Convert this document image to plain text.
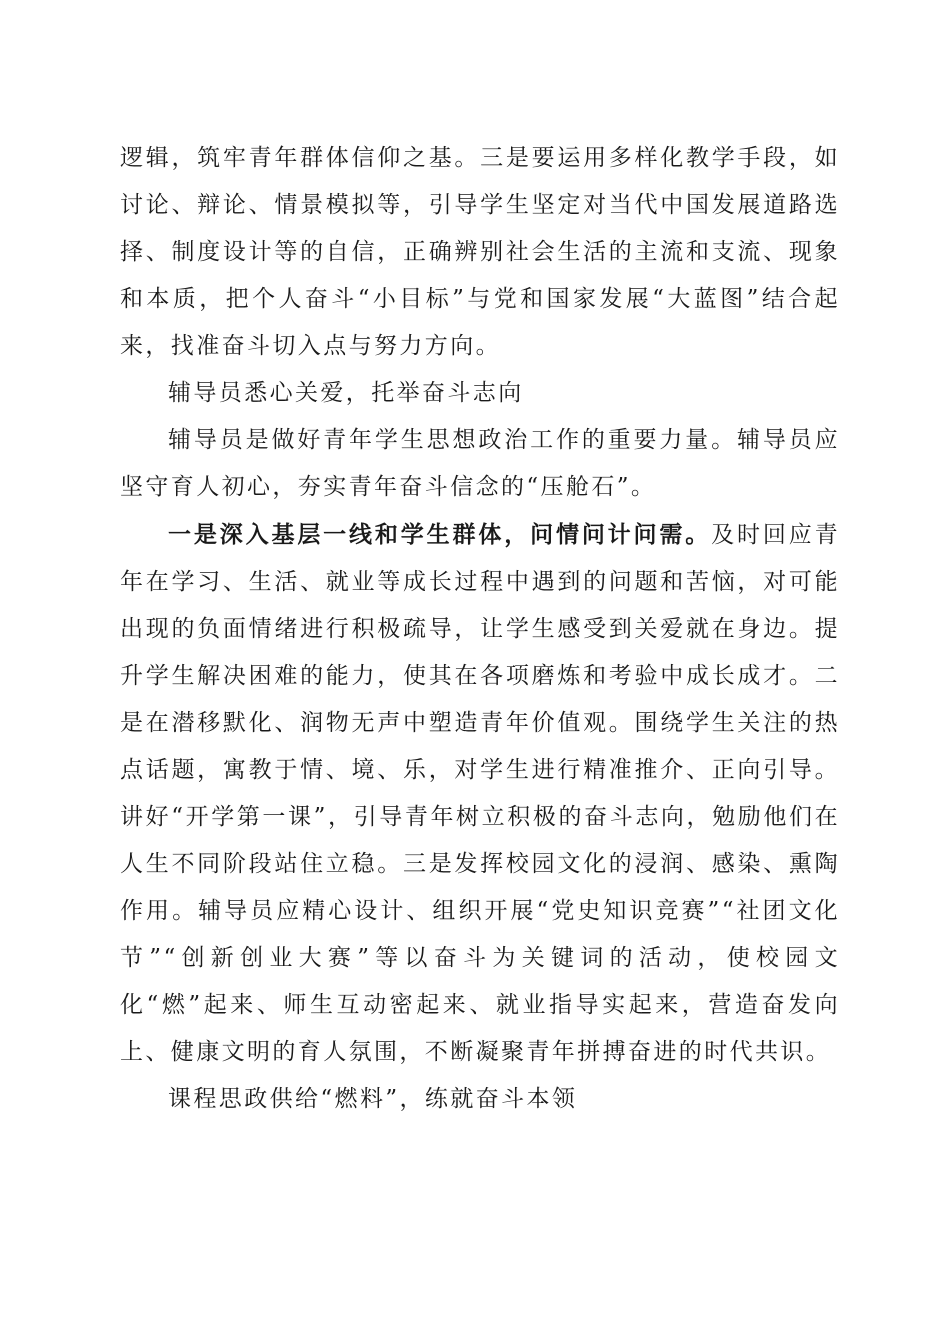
逻辑，筑牢青年群体信仰之基。三是要运用多样化教学手段，如讨论、辩论、情景模拟等，引导学生坚定对当代中国发展道路选择、制度设计等的自信，正确辨别社会生活的主流和支流、现象和本质，把个人奋斗“小目标”与党和国家发展“大蓝图”结合起来，找准奋斗切入点与努力方向。

辅导员悉心关爱，托举奋斗志向

辅导员是做好青年学生思想政治工作的重要力量。辅导员应坚守育人初心，夯实青年奋斗信念的“压舱石”。

一是深入基层一线和学生群体，问情问计问需。及时回应青年在学习、生活、就业等成长过程中遇到的问题和苦恼，对可能出现的负面情绪进行积极疏导，让学生感受到关爱就在身边。提升学生解决困难的能力，使其在各项磨炼和考验中成长成才。二是在潜移默化、润物无声中塑造青年价值观。围绕学生关注的热点话题，寓教于情、境、乐，对学生进行精准推介、正向引导。讲好“开学第一课”，引导青年树立积极的奋斗志向，勉励他们在人生不同阶段站住立稳。三是发挥校园文化的浸润、感染、熏陶作用。辅导员应精心设计、组织开展“党史知识竞赛”“社团文化节”“创新创业大赛”等以奋斗为关键词的活动，使校园文化“燃”起来、师生互动密起来、就业指导实起来，营造奋发向上、健康文明的育人氛围，不断凝聚青年拼搏奋进的时代共识。

课程思政供给“燃料”，练就奋斗本领
